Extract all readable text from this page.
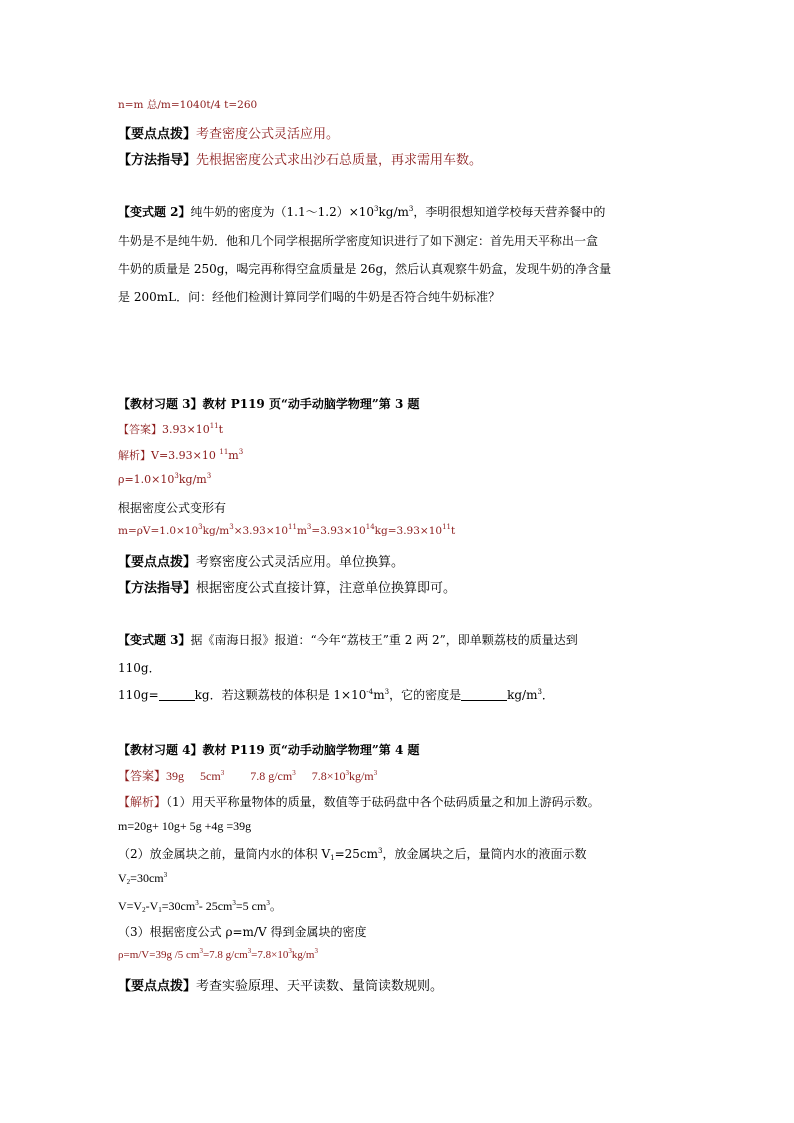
n=m 总/m=1040t/4 t=260
【要点点拨】考查密度公式灵活应用。
【方法指导】先根据密度公式求出沙石总质量，再求需用车数。
【变式题 2】纯牛奶的密度为$(1.1\sim 1.2)\times 10^3kg/m^3$，李明很想知道学校每天营养餐中的
牛奶是不是纯牛奶．他和几个同学根据所学密度知识进行了如下测定：首先用天平称出一盒
牛奶的质量是 250g，喝完再称得空盒质量是 26g，然后认真观察牛奶盒，发现牛奶的净含量
是 200mL．问：经他们检测计算同学们喝的牛奶是否符合纯牛奶标准？
【教材习题 3】教材 P119 页“动手动脑学物理”第 3 题
【答案】$3.93\times 10^{11}t$
解析】V=3.93×10 $^{11}m^3$
$\rho=1.0\times 10^3kg/m^3$
根据密度公式变形有
$m=\rho V=1.0\times 10^3kg/m^3\times 3.93\times 10^{11}m^3=3.93\times 10^{14}kg=3.93\times 10^{11}t$
【要点点拨】考察密度公式灵活应用。单位换算。
【方法指导】根据密度公式直接计算，注意单位换算即可。
【变式题 3】据《南海日报》报道：“今年“荔枝王”重 2 两 2”，即单颗荔枝的质量达到
110g．
110g=	kg．若这颗荔枝的体积是 $1\times 10^{-4}m^3$，它的密度是	$kg/m^3$．
【教材习题 4】教材 P119 页“动手动脑学物理”第 4 题
【答案】39g $5cm^3$ 7.8 $g/cm^3$ $7.8\times 10^3kg/m^3$
【解析】（1）用天平称量物体的质量，数值等于砝码盘中各个砝码质量之和加上游码示数。
m=20g+ 10g+ 5g +4g =39g
（2）放金属块之前，量筒内水的体积 $V_1=25cm^3$，放金属块之后，量筒内水的液面示数
$V_2=30cm^3$
$V=V_2-V_1=30cm^3-$ $25cm^3=5$ $cm^3$。
（3）根据密度公式 ρ=m/V 得到金属块的密度
ρ=m/V=39g /5 $cm^3=7.8$ $g/cm^3=7.8\times 10^3kg/m^3$
【要点点拨】考查实验原理、天平读数、量筒读数规则。
